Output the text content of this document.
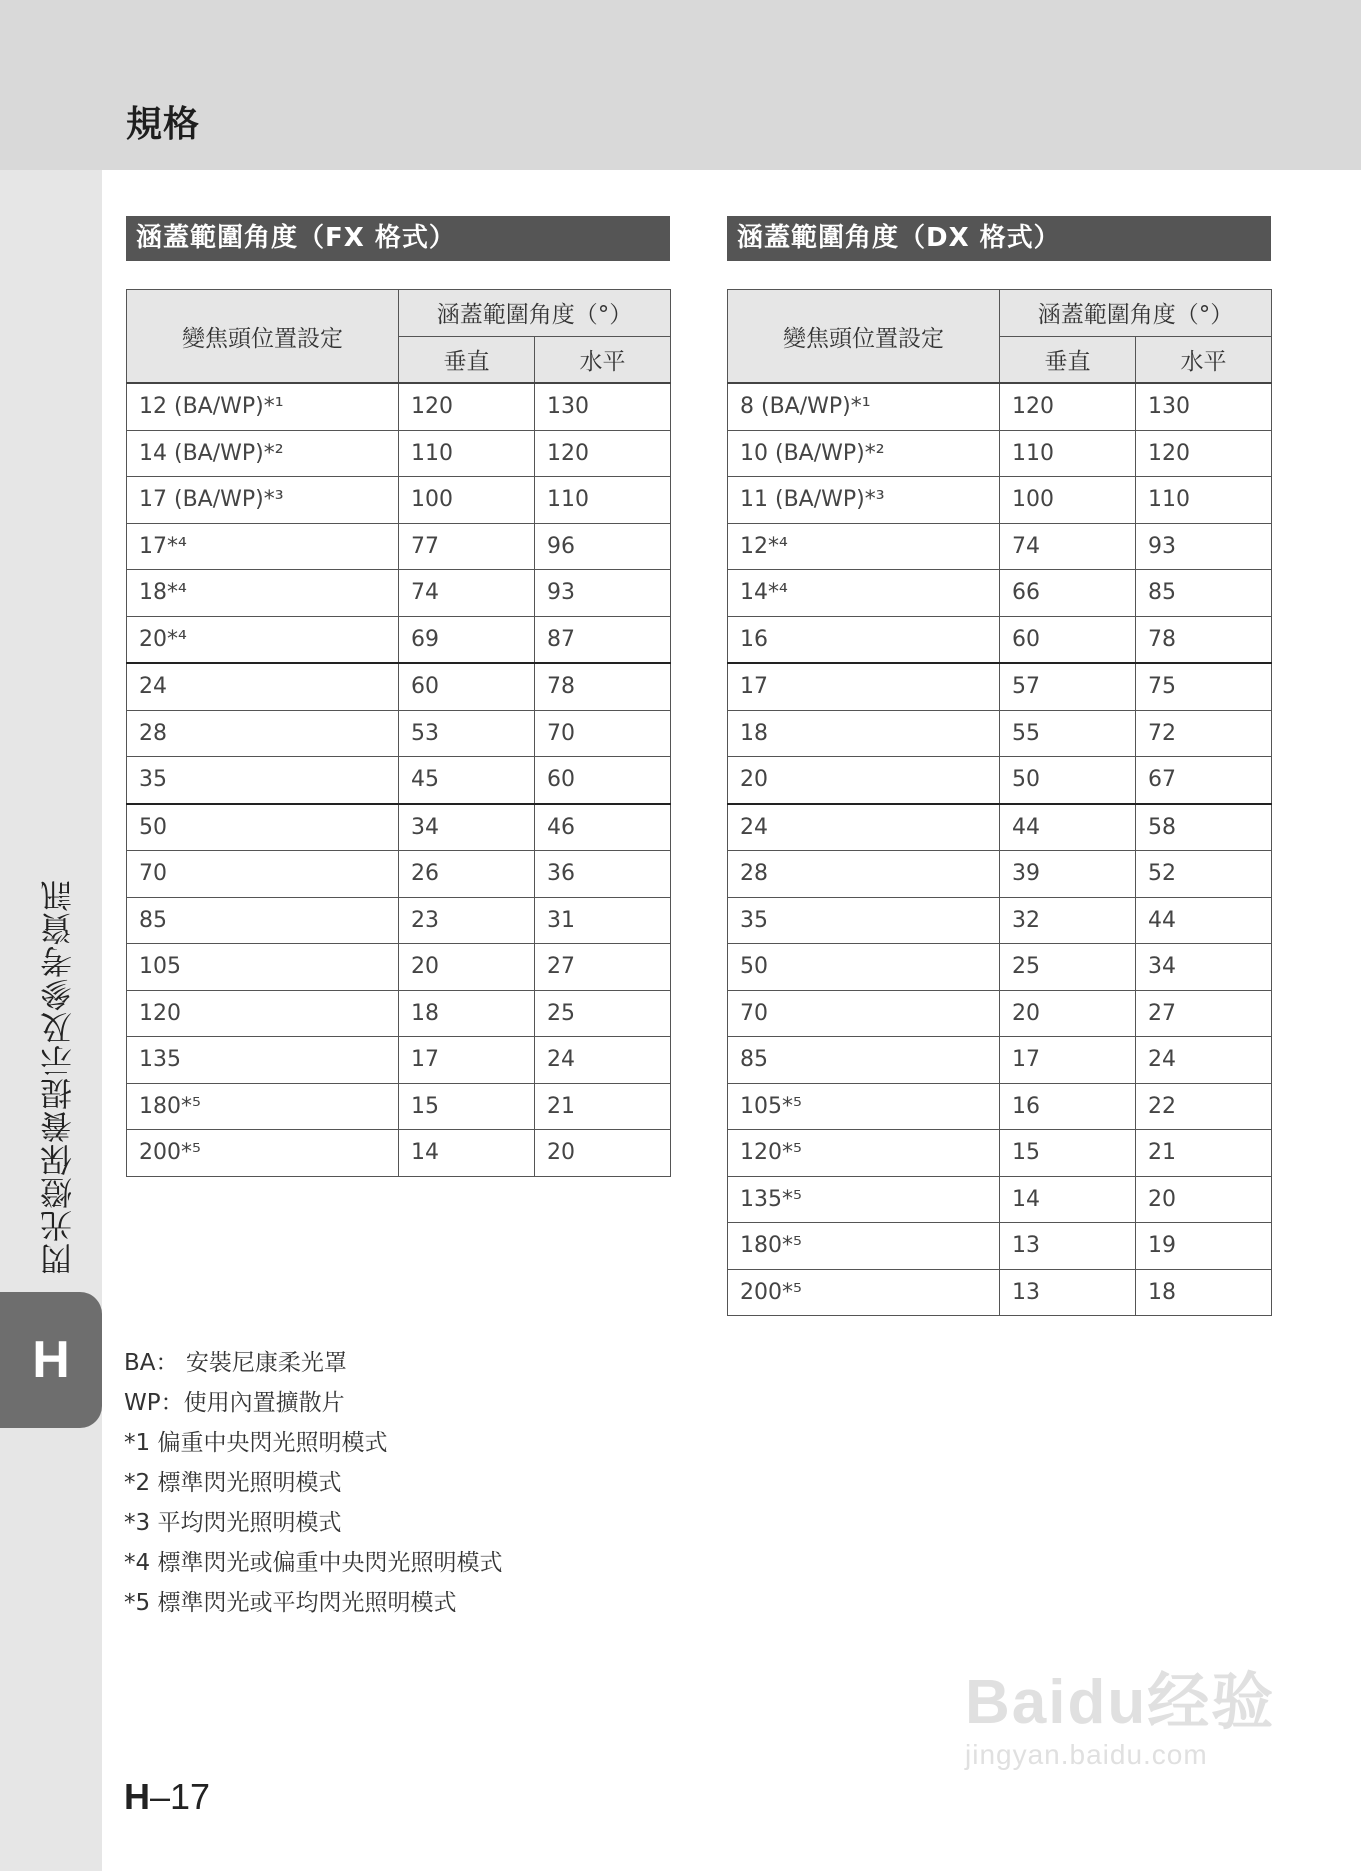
規格
閃光燈保養提示及參考資訊
H
涵蓋範圍角度（FX 格式）
變焦頭位置設定	涵蓋範圍角度（°）	
	垂直	水平
12 (BA/WP)*¹	120	130
14 (BA/WP)*²	110	120
17 (BA/WP)*³	100	110
17*⁴	77	96
18*⁴	74	93
20*⁴	69	87
24	60	78
28	53	70
35	45	60
50	34	46
70	26	36
85	23	31
105	20	27
120	18	25
135	17	24
180*⁵	15	21
200*⁵	14	20
涵蓋範圍角度（DX 格式）
變焦頭位置設定	涵蓋範圍角度（°）	
	垂直	水平
8 (BA/WP)*¹	120	130
10 (BA/WP)*²	110	120
11 (BA/WP)*³	100	110
12*⁴	74	93
14*⁴	66	85
16	60	78
17	57	75
18	55	72
20	50	67
24	44	58
28	39	52
35	32	44
50	25	34
70	20	27
85	17	24
105*⁵	16	22
120*⁵	15	21
135*⁵	14	20
180*⁵	13	19
200*⁵	13	18
BA： 安裝尼康柔光罩
WP：使用內置擴散片
*1 偏重中央閃光照明模式
*2 標準閃光照明模式
*3 平均閃光照明模式
*4 標準閃光或偏重中央閃光照明模式
*5 標準閃光或平均閃光照明模式
H–17
Baidu经验
jingyan.baidu.com
